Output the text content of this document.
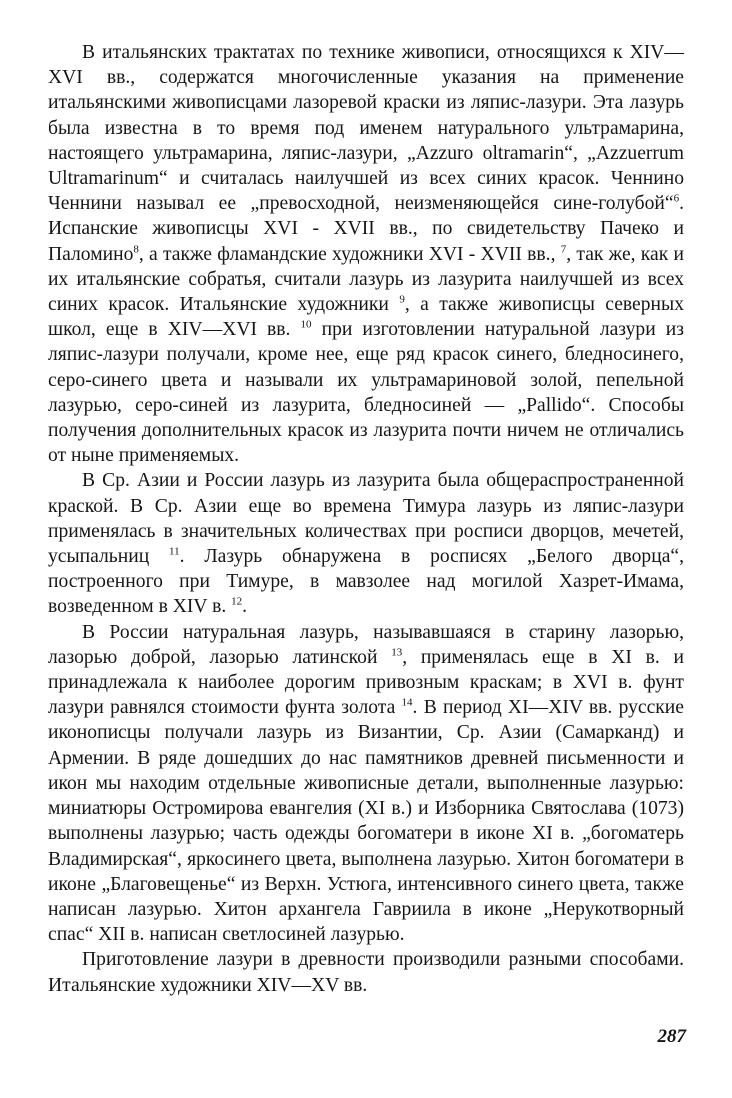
В итальянских трактатах по технике живописи, относящихся к XIV—XVI вв., содержатся многочисленные указания на применение итальянскими живописцами лазоревой краски из ляпис-лазури. Эта лазурь была известна в то время под именем натурального ультрамарина, настоящего ультрамарина, ляпис-лазури, „Azzuro oltramarin“, „Azzuerrum Ultramarinum“ и считалась наилучшей из всех синих красок. Ченнино Ченнини называл ее „превосходной, неизменяющейся сине-голубой“$^6$. Испанские живописцы XVI - XVII вв., по свидетельству Пачеко и Паломино$^8$, а также фламандские художники XVI - XVII вв., $^7$, так же, как и их итальянские собратья, считали лазурь из лазурита наилучшей из всех синих красок. Итальянские художники $^9$, а также живописцы северных школ, еще в XIV—XVI вв. $^{10}$ при изготовлении натуральной лазури из ляпис-лазури получали, кроме нее, еще ряд красок синего, бледносинего, серо-синего цвета и называли их ультрамариновой золой, пепельной лазурью, серо-синей из лазурита, бледносиней — „Pallido“. Способы получения дополнительных красок из лазурита почти ничем не отличались от ныне применяемых.

В Ср. Азии и России лазурь из лазурита была общераспространенной краской. В Ср. Азии еще во времена Тимура лазурь из ляпис-лазури применялась в значительных количествах при росписи дворцов, мечетей, усыпальниц $^{11}$. Лазурь обнаружена в росписях „Белого дворца“, построенного при Тимуре, в мавзолее над могилой Хазрет-Имама, возведенном в XIV в. $^{12}$.

В России натуральная лазурь, называвшаяся в старину лазорью, лазорью доброй, лазорью латинской $^{13}$, применялась еще в XI в. и принадлежала к наиболее дорогим привозным краскам; в XVI в. фунт лазури равнялся стоимости фунта золота $^{14}$. В период XI—XIV вв. русские иконописцы получали лазурь из Византии, Ср. Азии (Самарканд) и Армении. В ряде дошедших до нас памятников древней письменности и икон мы находим отдельные живописные детали, выполненные лазурью: миниатюры Остромирова евангелия (XI в.) и Изборника Святослава (1073) выполнены лазурью; часть одежды богоматери в иконе XI в. „богоматерь Владимирская“, яркосинего цвета, выполнена лазурью. Хитон богоматери в иконе „Благовещенье“ из Верхн. Устюга, интенсивного синего цвета, также написан лазурью. Хитон архангела Гавриила в иконе „Нерукотворный спас“ XII в. написан светлосиней лазурью.

Приготовление лазури в древности производили разными способами. Итальянские художники XIV—XV вв.

287
